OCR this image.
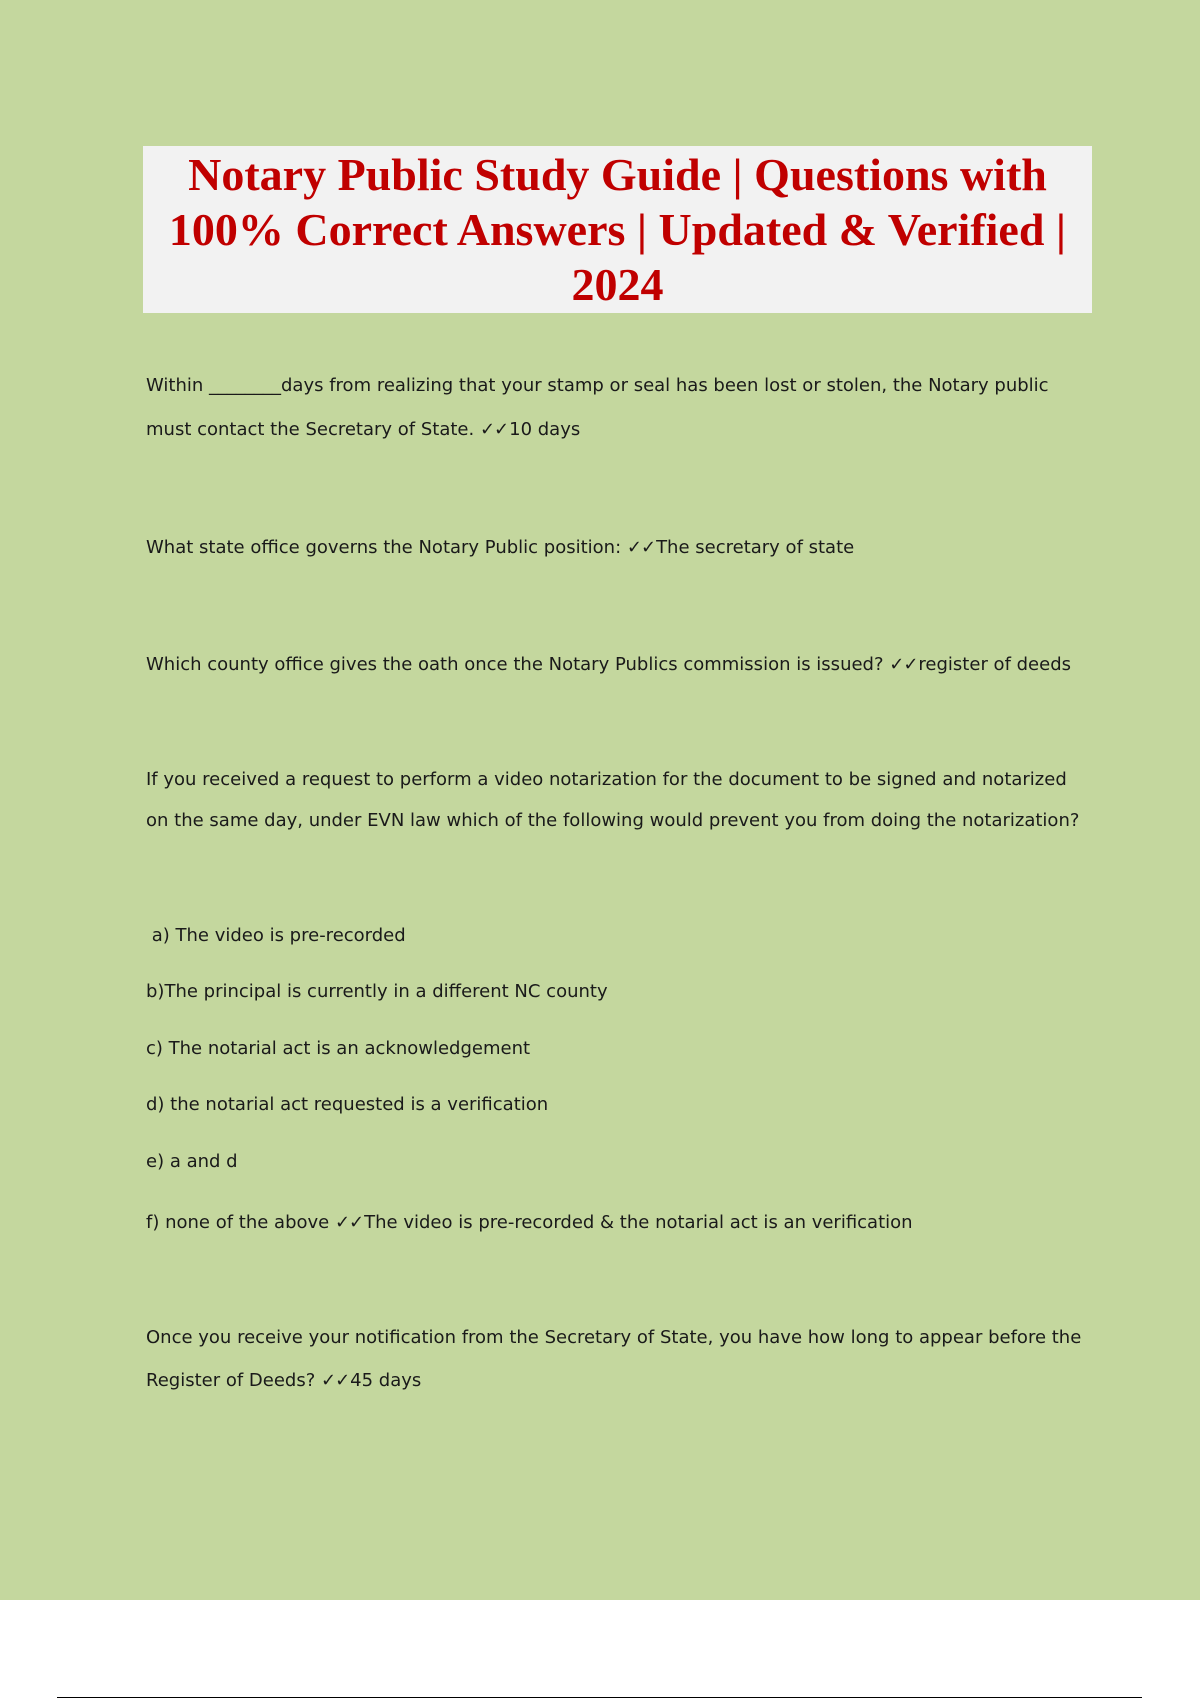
Notary Public Study Guide | Questions with 100% Correct Answers | Updated & Verified | 2024

Within ________days from realizing that your stamp or seal has been lost or stolen, the Notary public

must contact the Secretary of State. ✓✓10 days

What state office governs the Notary Public position: ✓✓The secretary of state

Which county office gives the oath once the Notary Publics commission is issued? ✓✓register of deeds

If you received a request to perform a video notarization for the document to be signed and notarized

on the same day, under EVN law which of the following would prevent you from doing the notarization?

a) The video is pre-recorded

b)The principal is currently in a different NC county

c) The notarial act is an acknowledgement

d) the notarial act requested is a verification

e) a and d

f) none of the above ✓✓The video is pre-recorded & the notarial act is an verification

Once you receive your notification from the Secretary of State, you have how long to appear before the

Register of Deeds? ✓✓45 days
